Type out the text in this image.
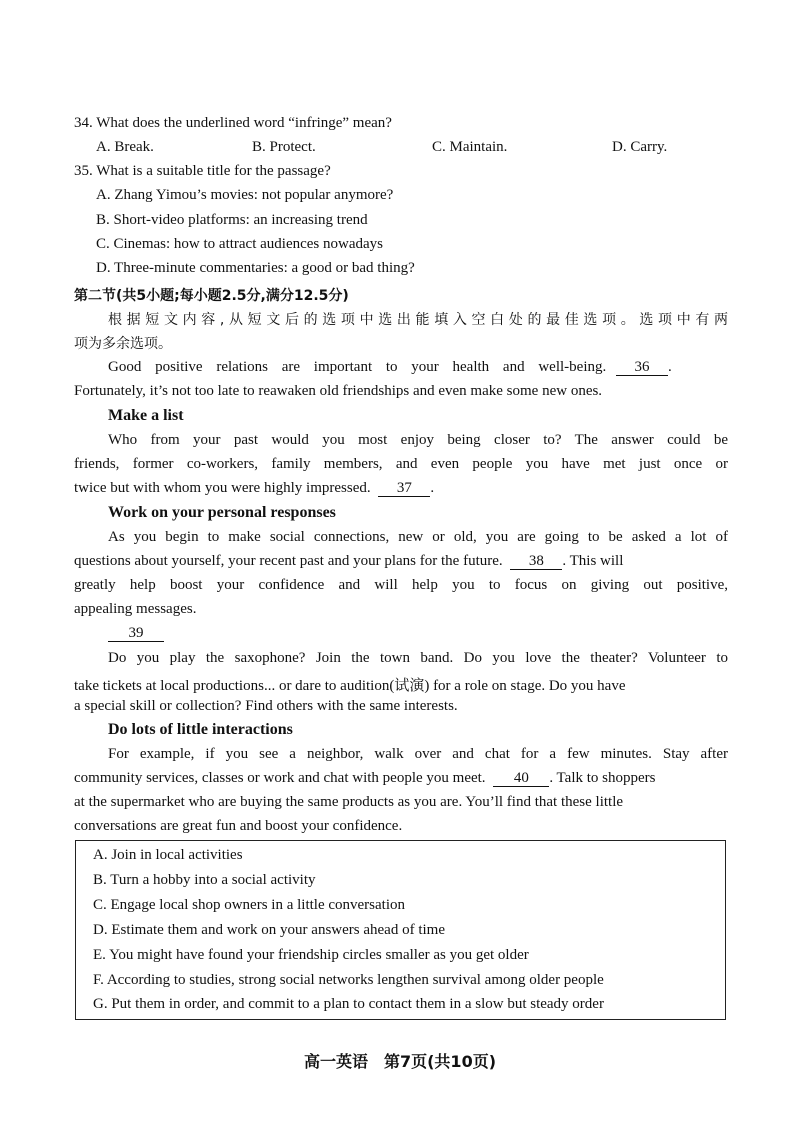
34. What does the underlined word “infringe” mean?
A. Break.	B. Protect.	C. Maintain.	D. Carry.
35. What is a suitable title for the passage?
A. Zhang Yimou’s movies: not popular anymore?
B. Short-video platforms: an increasing trend
C. Cinemas: how to attract audiences nowadays
D. Three-minute commentaries: a good or bad thing?
第二节(共5小题;每小题2.5分,满分12.5分)
根据短文内容,从短文后的选项中选出能填入空白处的最佳选项。选项中有两
项为多余选项。
Good positive relations are important to your health and well-being. 36 .
Fortunately, it’s not too late to reawaken old friendships and even make some new ones.
Make a list
Who from your past would you most enjoy being closer to? The answer could be
friends, former co-workers, family members, and even people you have met just once or
twice but with whom you were highly impressed. 37 .
Work on your personal responses
As you begin to make social connections, new or old, you are going to be asked a lot of
questions about yourself, your recent past and your plans for the future. 38 . This will
greatly help boost your confidence and will help you to focus on giving out positive,
appealing messages.
39
Do you play the saxophone? Join the town band. Do you love the theater? Volunteer to
take tickets at local productions... or dare to audition(试演) for a role on stage. Do you have
a special skill or collection? Find others with the same interests.
Do lots of little interactions
For example, if you see a neighbor, walk over and chat for a few minutes. Stay after
community services, classes or work and chat with people you meet. 40 . Talk to shoppers
at the supermarket who are buying the same products as you are. You’ll find that these little
conversations are great fun and boost your confidence.
A. Join in local activities
B. Turn a hobby into a social activity
C. Engage local shop owners in a little conversation
D. Estimate them and work on your answers ahead of time
E. You might have found your friendship circles smaller as you get older
F. According to studies, strong social networks lengthen survival among older people
G. Put them in order, and commit to a plan to contact them in a slow but steady order
高一英语　第7页(共10页)
